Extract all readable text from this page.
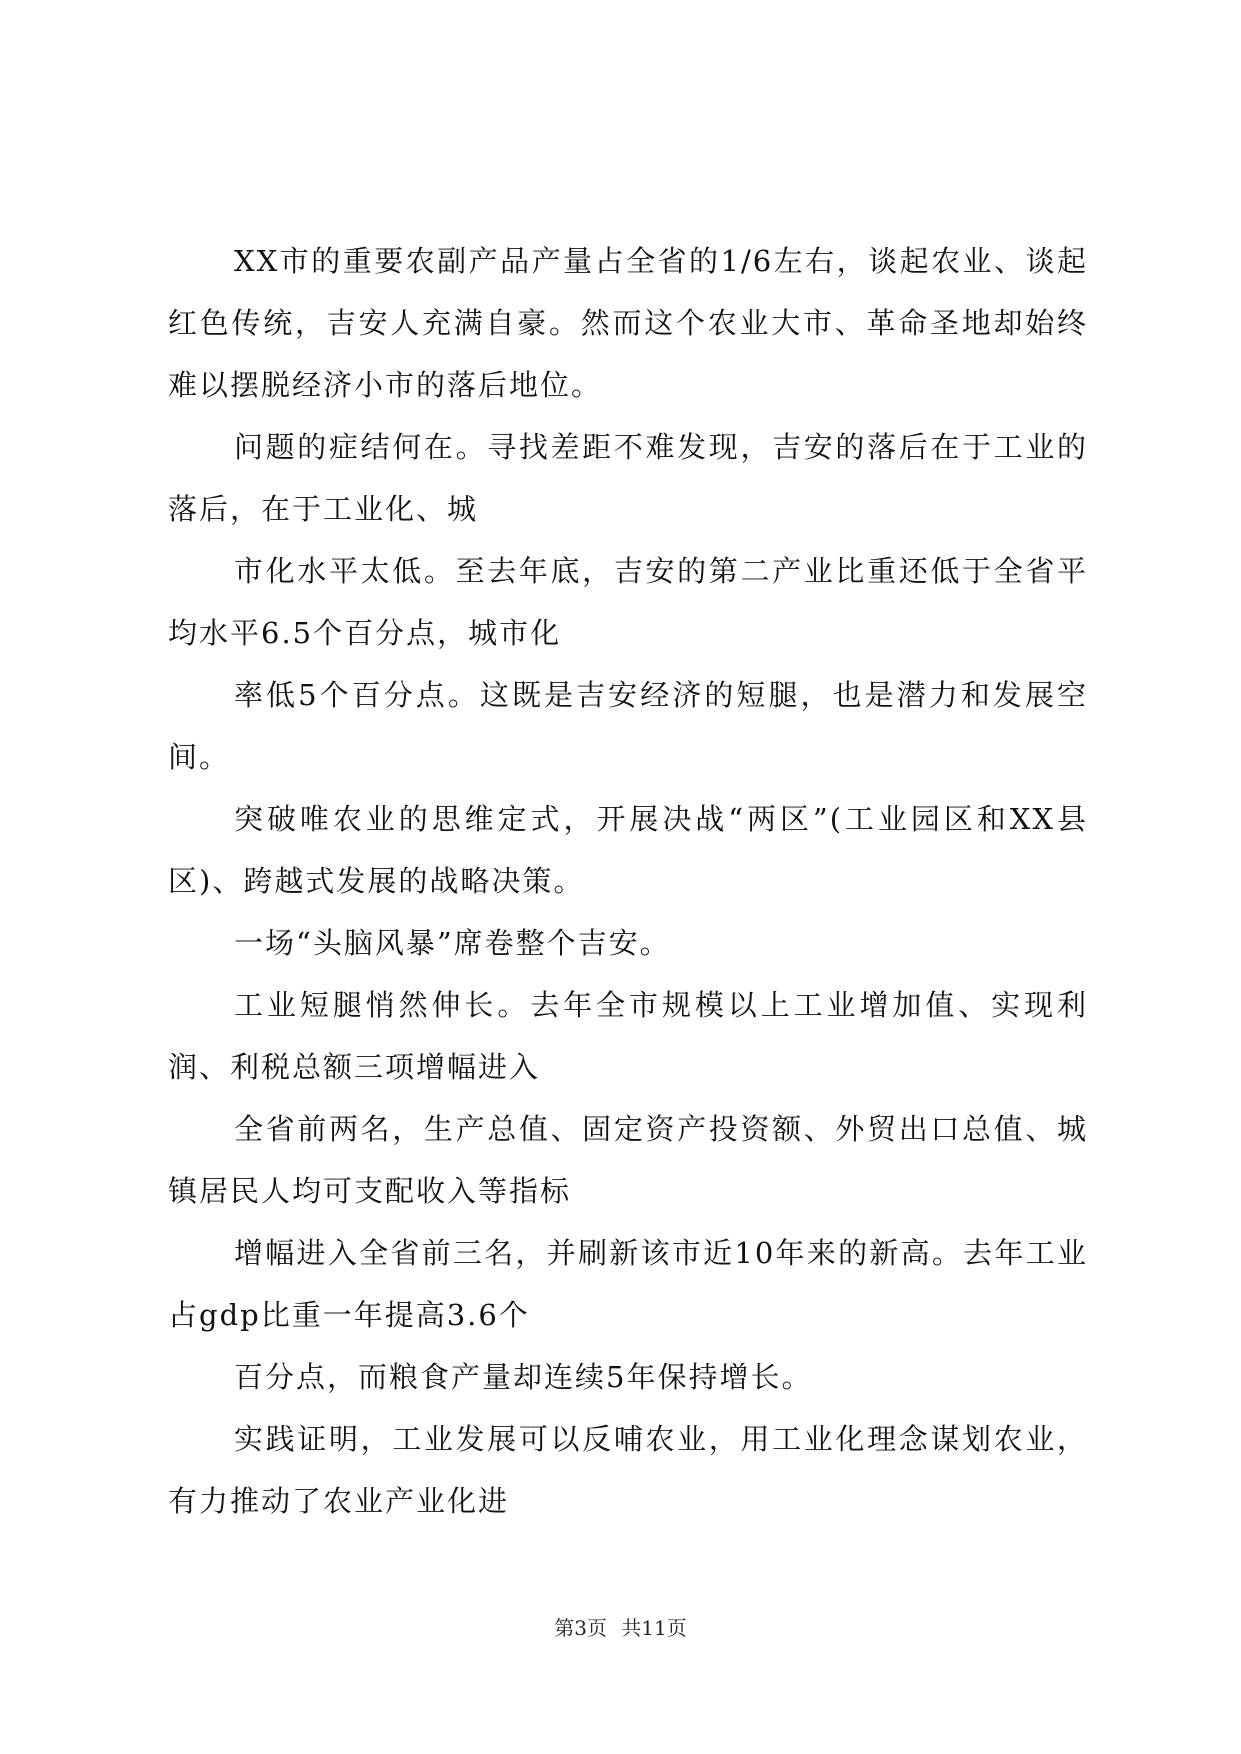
XX市的重要农副产品产量占全省的1/6左右，谈起农业、谈起红色传统，吉安人充满自豪。然而这个农业大市、革命圣地却始终难以摆脱经济小市的落后地位。

问题的症结何在。寻找差距不难发现，吉安的落后在于工业的落后，在于工业化、城

市化水平太低。至去年底，吉安的第二产业比重还低于全省平均水平6.5个百分点，城市化

率低5个百分点。这既是吉安经济的短腿，也是潜力和发展空间。

突破唯农业的思维定式，开展决战“两区”(工业园区和XX县区)、跨越式发展的战略决策。

一场“头脑风暴”席卷整个吉安。

工业短腿悄然伸长。去年全市规模以上工业增加值、实现利润、利税总额三项增幅进入

全省前两名，生产总值、固定资产投资额、外贸出口总值、城镇居民人均可支配收入等指标

增幅进入全省前三名，并刷新该市近10年来的新高。去年工业占gdp比重一年提高3.6个

百分点，而粮食产量却连续5年保持增长。

实践证明，工业发展可以反哺农业，用工业化理念谋划农业，有力推动了农业产业化进

第3页 共11页
